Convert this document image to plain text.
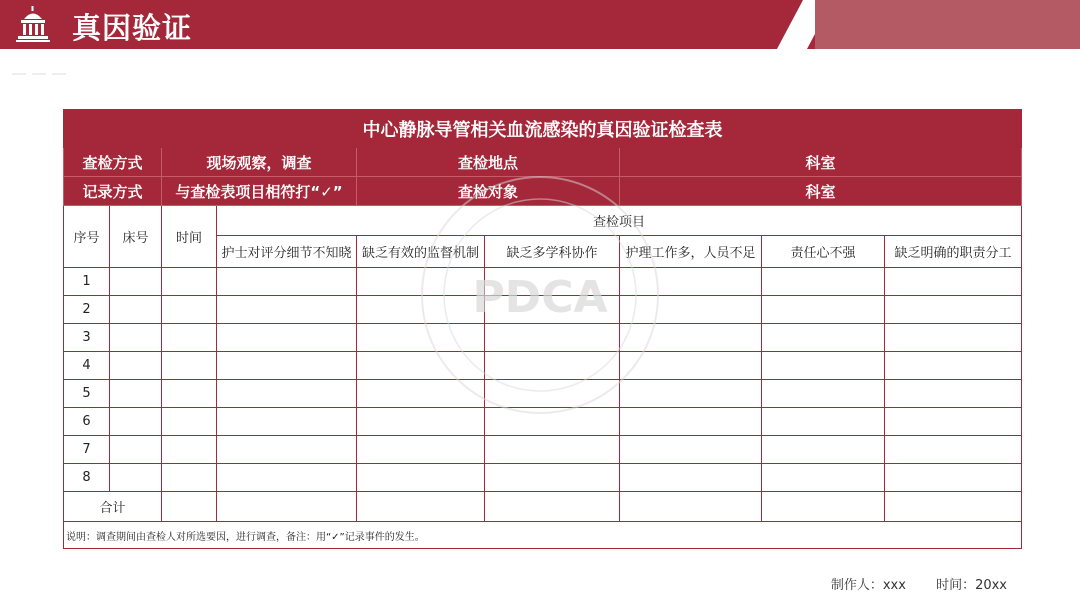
真因验证
中心静脉导管相关血流感染的真因验证检查表								
查检方式		现场观察，调查		查检地点		科室		
记录方式		与查检表项目相符打“✓”		查检对象		科室		
序号	床号	时间	查检项目					
			护士对评分细节不知晓	缺乏有效的监督机制	缺乏多学科协作	护理工作多，人员不足	责任心不强	缺乏明确的职责分工
1								
2								
3								
4								
5								
6								
7								
8								
合计								
说明：调查期间由查检人对所选要因，进行调查，备注：用“✓”记录事件的发生。								
PDCA
制作人：xxx 时间：20xx
